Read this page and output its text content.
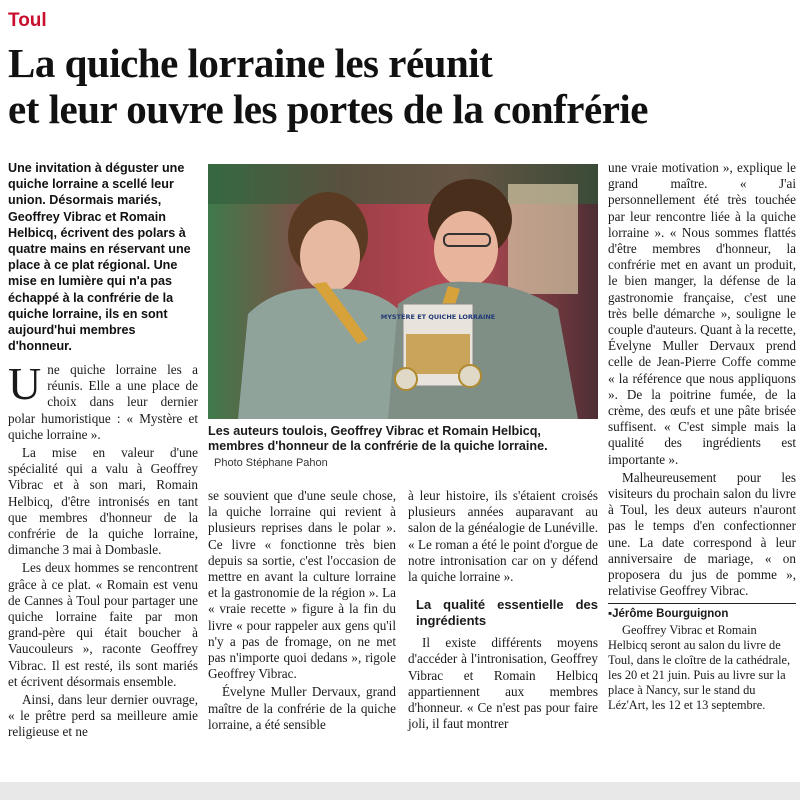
Toul
La quiche lorraine les réunit
et leur ouvre les portes de la confrérie
Une invitation à déguster une quiche lorraine a scellé leur union. Désormais mariés, Geoffrey Vibrac et Romain Helbicq, écrivent des polars à quatre mains en réservant une place à ce plat régional. Une mise en lumière qui n'a pas échappé à la confrérie de la quiche lorraine, ils en sont aujourd'hui membres d'honneur.

Une quiche lorraine les a réunis. Elle a une place de choix dans leur dernier polar humoristique : « Mystère et quiche lorraine ».

La mise en valeur d'une spécialité qui a valu à Geoffrey Vibrac et à son mari, Romain Helbicq, d'être intronisés en tant que membres d'honneur de la confrérie de la quiche lorraine, dimanche 3 mai à Dombasle.

Les deux hommes se rencontrent grâce à ce plat. « Romain est venu de Cannes à Toul pour partager une quiche lorraine faite par mon grand-père qui était boucher à Vaucouleurs », raconte Geoffrey Vibrac. Il est resté, ils sont mariés et écrivent désormais ensemble.

Ainsi, dans leur dernier ouvrage, « le prêtre perd sa meilleure amie religieuse et ne

MYSTÈRE ET QUICHE LORRAINE
Les auteurs toulois, Geoffrey Vibrac et Romain Helbicq, membres d'honneur de la confrérie de la quiche lorraine.
Photo Stéphane Pahon

se souvient que d'une seule chose, la quiche lorraine qui revient à plusieurs reprises dans le polar ». Ce livre « fonctionne très bien depuis sa sortie, c'est l'occasion de mettre en avant la culture lorraine et la gastronomie de la région ». La « vraie recette » figure à la fin du livre « pour rappeler aux gens qu'il n'y a pas de fromage, on ne met pas n'importe quoi dedans », rigole Geoffrey Vibrac.

Évelyne Muller Dervaux, grand maître de la confrérie de la quiche lorraine, a été sensible

à leur histoire, ils s'étaient croisés plusieurs années auparavant au salon de la généalogie de Lunéville. « Le roman a été le point d'orgue de notre intronisation car on y défend la quiche lorraine ».

La qualité essentielle des ingrédients

Il existe différents moyens d'accéder à l'intronisation, Geoffrey Vibrac et Romain Helbicq appartiennent aux membres d'honneur. « Ce n'est pas pour faire joli, il faut montrer

une vraie motivation », explique le grand maître. « J'ai personnellement été très touchée par leur rencontre liée à la quiche lorraine ». « Nous sommes flattés d'être membres d'honneur, la confrérie met en avant un produit, le bien manger, la défense de la gastronomie française, c'est une très belle démarche », souligne le couple d'auteurs. Quant à la recette, Évelyne Muller Dervaux prend celle de Jean-Pierre Coffe comme « la référence que nous appliquons ». De la poitrine fumée, de la crème, des œufs et une pâte brisée suffisent. « C'est simple mais la qualité des ingrédients est importante ».

Malheureusement pour les visiteurs du prochain salon du livre à Toul, les deux auteurs n'auront pas le temps d'en confectionner une. La date correspond à leur anniversaire de mariage, « on proposera du jus de pomme », relativise Geoffrey Vibrac.

▪Jérôme Bourguignon

Geoffrey Vibrac et Romain Helbicq seront au salon du livre de Toul, dans le cloître de la cathédrale, les 20 et 21 juin. Puis au livre sur la place à Nancy, sur le stand du Léz'Art, les 12 et 13 septembre.
